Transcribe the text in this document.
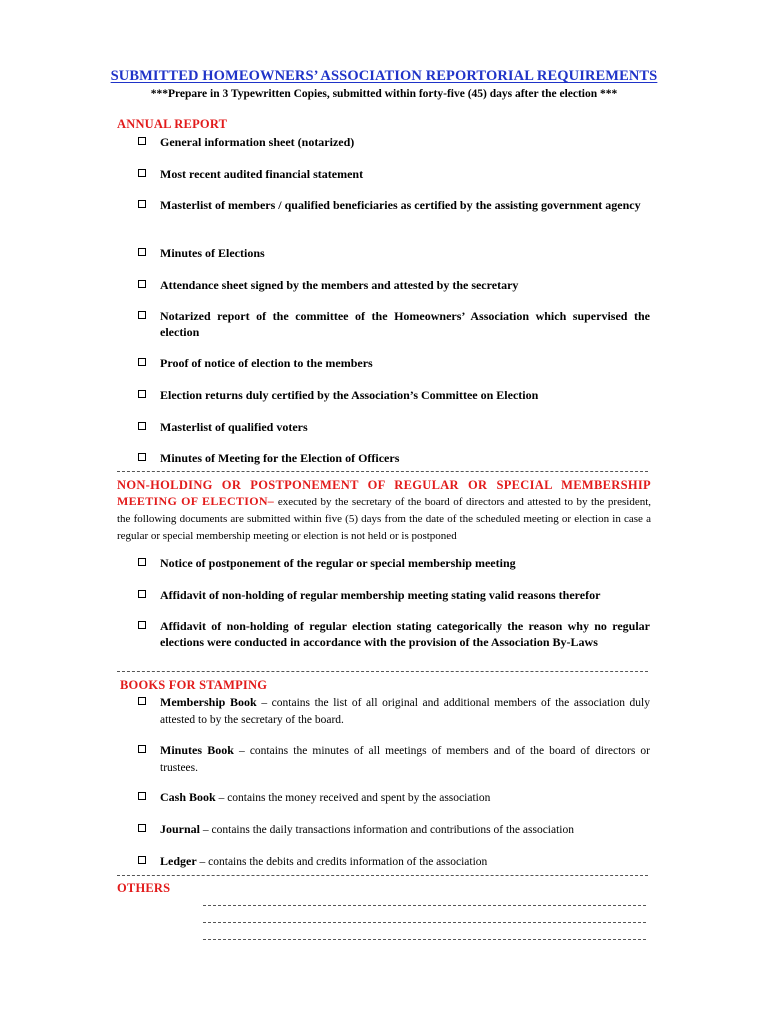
SUBMITTED HOMEOWNERS’ ASSOCIATION REPORTORIAL REQUIREMENTS
***Prepare in 3 Typewritten Copies, submitted within forty-five (45) days after the election ***
ANNUAL REPORT
General information sheet (notarized)
Most recent audited financial statement
Masterlist of members / qualified beneficiaries as certified by the assisting government agency
Minutes of Elections
Attendance sheet signed by the members and attested by the secretary
Notarized report of the committee of the Homeowners’ Association which supervised the election
Proof of notice of election to the members
Election returns duly certified by the Association’s Committee on Election
Masterlist of qualified voters
Minutes of Meeting for the Election of Officers
NON-HOLDING OR POSTPONEMENT OF REGULAR OR SPECIAL MEMBERSHIP
MEETING OF ELECTION– executed by the secretary of the board of directors and attested to by the president, the following documents are submitted within five (5) days from the date of the scheduled meeting or election in case a regular or special membership meeting or election is not held or is postponed
Notice of postponement of the regular or special membership meeting
Affidavit of non-holding of regular membership meeting stating valid reasons therefor
Affidavit of non-holding of regular election stating categorically the reason why no regular elections were conducted in accordance with the provision of the Association By-Laws
BOOKS FOR STAMPING
Membership Book – contains the list of all original and additional members of the association duly attested to by the secretary of the board.
Minutes Book – contains the minutes of all meetings of members and of the board of directors or trustees.
Cash Book – contains the money received and spent by the association
Journal – contains the daily transactions information and contributions of the association
Ledger – contains the debits and credits information of the association
OTHERS
